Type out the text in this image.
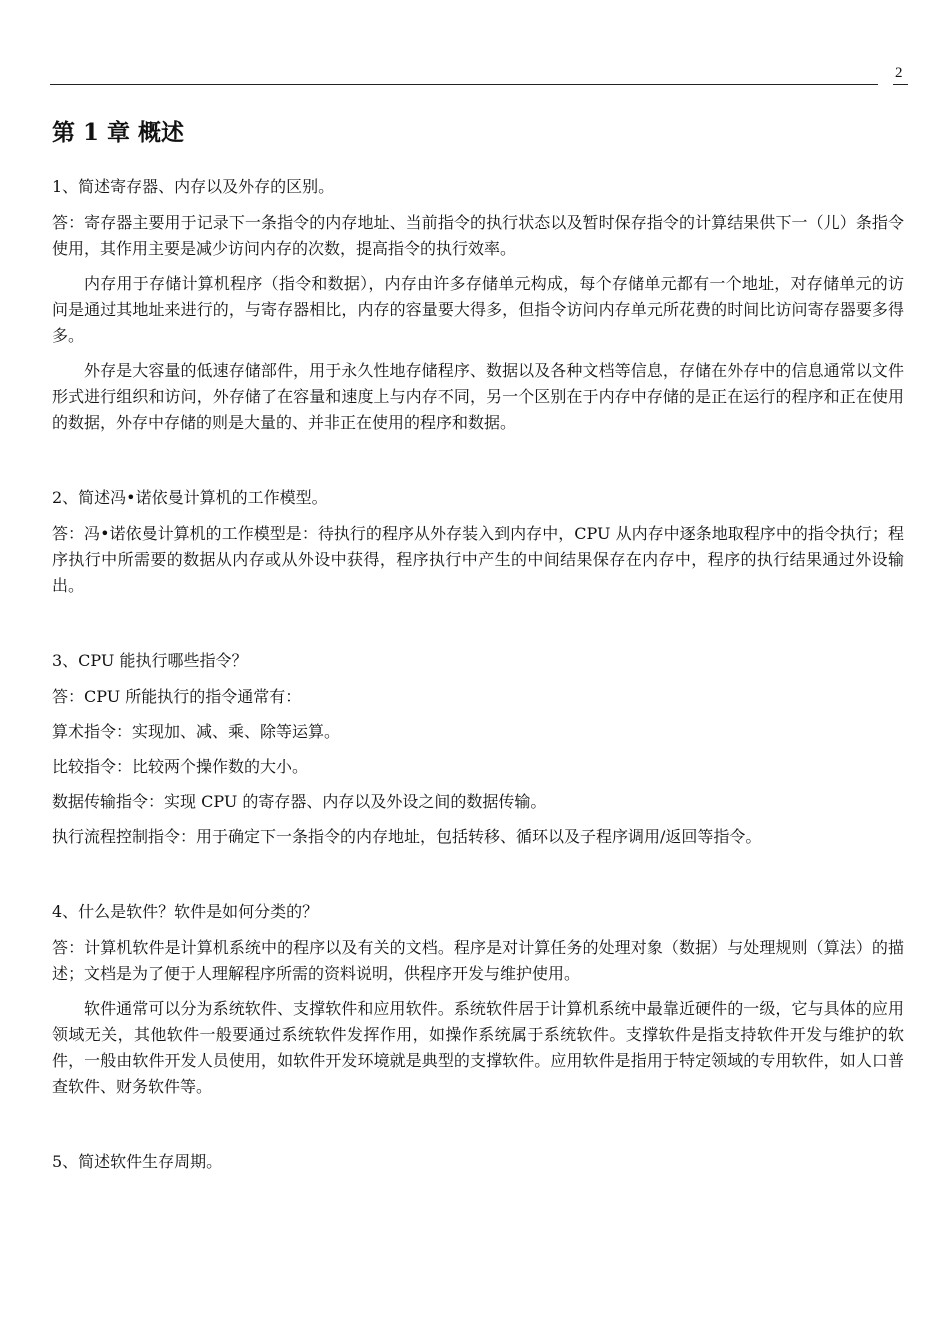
2
第 1 章 概述

1、简述寄存器、内存以及外存的区别。

答：寄存器主要用于记录下一条指令的内存地址、当前指令的执行状态以及暂时保存指令的计算结果供下一（儿）条指令使用，其作用主要是减少访问内存的次数，提高指令的执行效率。

内存用于存储计算机程序（指令和数据），内存由许多存储单元构成，每个存储单元都有一个地址，对存储单元的访问是通过其地址来进行的，与寄存器相比，内存的容量要大得多，但指令访问内存单元所花费的时间比访问寄存器要多得多。

外存是大容量的低速存储部件，用于永久性地存储程序、数据以及各种文档等信息，存储在外存中的信息通常以文件形式进行组织和访问，外存储了在容量和速度上与内存不同，另一个区别在于内存中存储的是正在运行的程序和正在使用的数据，外存中存储的则是大量的、并非正在使用的程序和数据。

2、简述冯•诺依曼计算机的工作模型。

答：冯•诺依曼计算机的工作模型是：待执行的程序从外存装入到内存中，CPU 从内存中逐条地取程序中的指令执行；程序执行中所需要的数据从内存或从外设中获得，程序执行中产生的中间结果保存在内存中，程序的执行结果通过外设输出。

3、CPU 能执行哪些指令？

答：CPU 所能执行的指令通常有：

算术指令：实现加、减、乘、除等运算。

比较指令：比较两个操作数的大小。

数据传输指令：实现 CPU 的寄存器、内存以及外设之间的数据传输。

执行流程控制指令：用于确定下一条指令的内存地址，包括转移、循环以及子程序调用/返回等指令。

4、什么是软件？软件是如何分类的？

答：计算机软件是计算机系统中的程序以及有关的文档。程序是对计算任务的处理对象（数据）与处理规则（算法）的描述；文档是为了便于人理解程序所需的资料说明，供程序开发与维护使用。

软件通常可以分为系统软件、支撑软件和应用软件。系统软件居于计算机系统中最靠近硬件的一级，它与具体的应用领域无关，其他软件一般要通过系统软件发挥作用，如操作系统属于系统软件。支撑软件是指支持软件开发与维护的软件，一般由软件开发人员使用，如软件开发环境就是典型的支撑软件。应用软件是指用于特定领域的专用软件，如人口普查软件、财务软件等。

5、简述软件生存周期。
